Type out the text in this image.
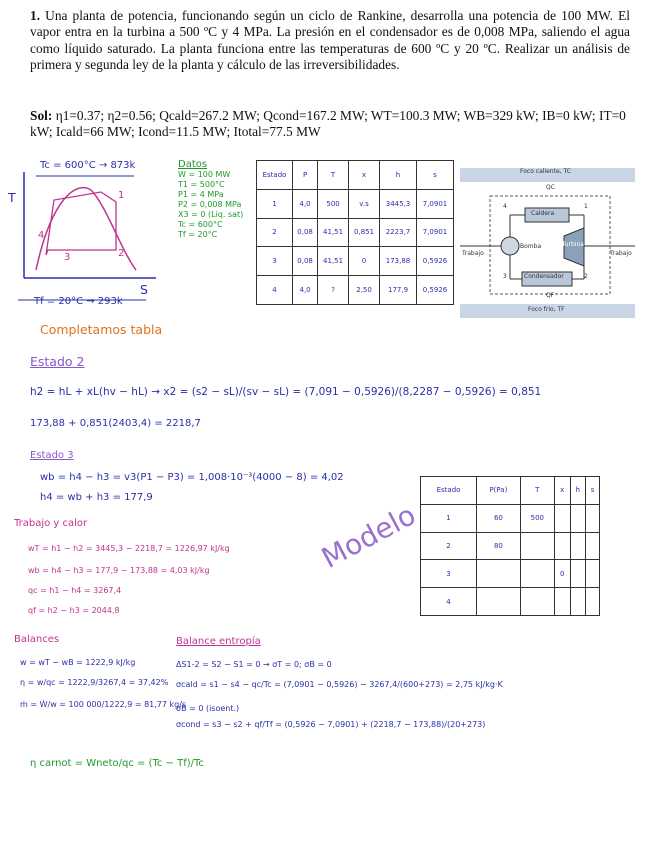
1. Una planta de potencia, funcionando según un ciclo de Rankine, desarrolla una potencia de 100 MW. El vapor entra en la turbina a 500 ºC y 4 MPa. La presión en el condensador es de 0,008 MPa, saliendo el agua como líquido saturado. La planta funciona entre las temperaturas de 600 ºC y 20 ºC. Realizar un análisis de primera y segunda ley de la planta y cálculo de las irreversibilidades.
Sol: η1=0.37; η2=0.56; Qcald=267.2 MW; Qcond=167.2 MW; WT=100.3 MW; WB=329 kW; IB=0 kW; IT=0 kW; Icald=66 MW; Icond=11.5 MW; Itotal=77.5 MW
Tc = 600°C → 873k
T
S
Tf = 20°C → 293k
1
2
3
4
Datos
W = 100 MW
T1 = 500°C
P1 = 4 MPa
P2 = 0,008 MPa
X3 = 0 (Liq. sat)
Tc = 600°C
Tf = 20°C
Estado	P	T	x	h	s
1	4,0	500	v.s	3445,3	7,0901
2	0,08	41,51	0,851	2223,7	7,0901
3	0,08	41,51	0	173,88	0,5926
4	4,0	?	2,50	177,9	0,5926
Foco caliente, TC
QC
Caldera
Bomba	Turbina
Condensador
Trabajo	Trabajo
QF
Foco frío, TF
4	1
3	2
Completamos tabla
Estado 2
h2 = hL + xL(hv − hL) → x2 = (s2 − sL)/(sv − sL) = (7,091 − 0,5926)/(8,2287 − 0,5926) = 0,851
173,88 + 0,851(2403,4) = 2218,7
Estado 3
wb = h4 − h3 = v3(P1 − P3) = 1,008·10⁻³(4000 − 8) = 4,02
h4 = wb + h3 = 177,9
Trabajo y calor
wT = h1 − h2 = 3445,3 − 2218,7 = 1226,97 kJ/kg
wb = h4 − h3 = 177,9 − 173,88 = 4,03 kJ/kg
qc = h1 − h4 = 3267,4
qf = h2 − h3 = 2044,8
Modelo
Estado	P(Pa)	T	x	h	s
1	60	500			
2	80				
3			0		
4					
Balances
w = wT − wB = 1222,9 kJ/kg
η = w/qc = 1222,9/3267,4 = 37,42%
ṁ = Ẇ/w = 100 000/1222,9 = 81,77 kg/s
Balance entropía
ΔS1-2 = S2 − S1 = 0 → σT = 0; σB = 0
σcald = s1 − s4 − qc/Tc = (7,0901 − 0,5926) − 3267,4/(600+273) = 2,75 kJ/kg·K
σB = 0 (isoent.)
σcond = s3 − s2 + qf/Tf = (0,5926 − 7,0901) + (2218,7 − 173,88)/(20+273)
η carnot = Wneto/qc = (Tc − Tf)/Tc
